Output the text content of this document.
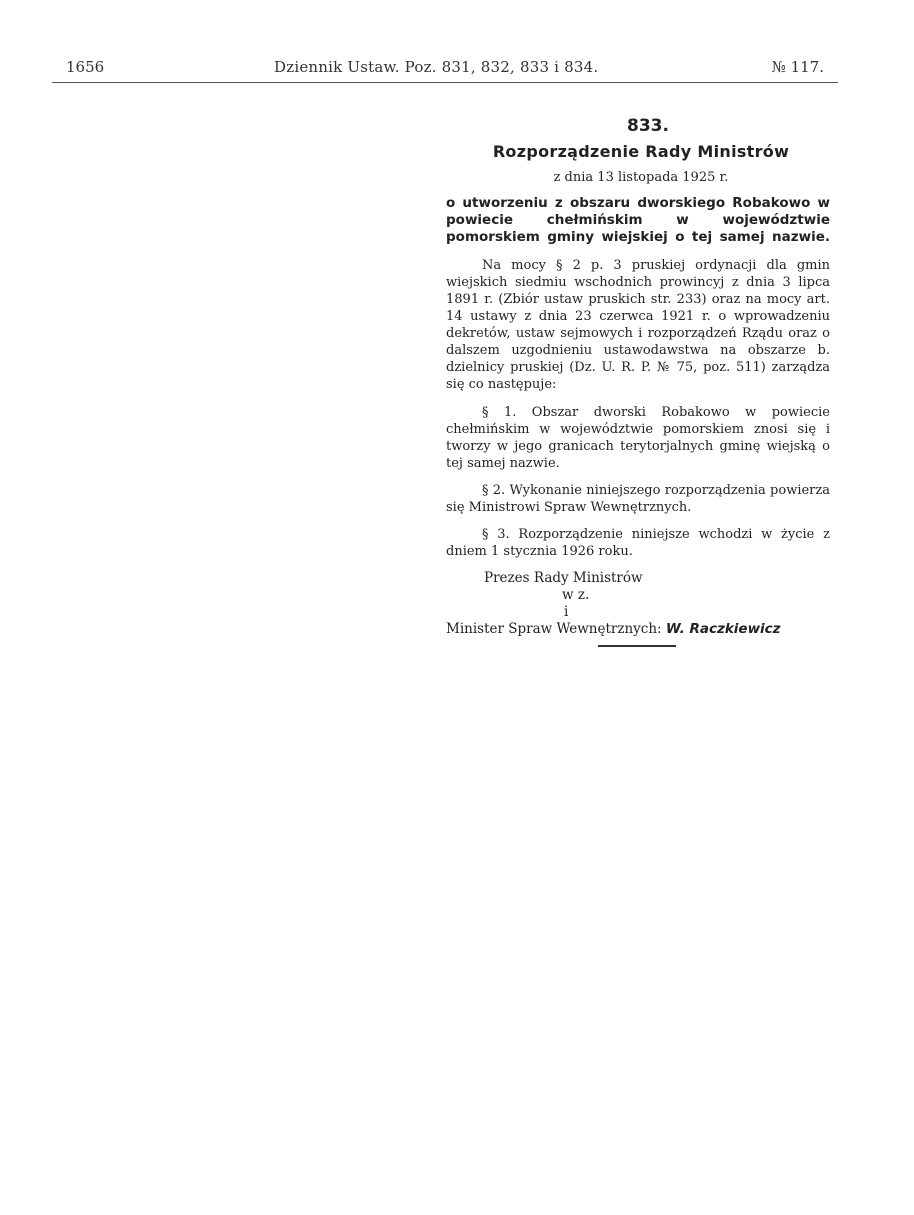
1656	Dziennik Ustaw. Poz. 831, 832, 833 i 834.	№ 117.
833.
Rozporządzenie Rady Ministrów
z dnia 13 listopada 1925 r.
o utworzeniu z obszaru dworskiego Robakowo w powiecie chełmińskim w województwie pomorskiem gminy wiejskiej o tej samej nazwie.
Na mocy § 2 p. 3 pruskiej ordynacji dla gmin wiejskich siedmiu wschodnich prowincyj z dnia 3 lipca 1891 r. (Zbiór ustaw pruskich str. 233) oraz na mocy art. 14 ustawy z dnia 23 czerwca 1921 r. o wprowadzeniu dekretów, ustaw sejmowych i rozporządzeń Rządu oraz o dalszem uzgodnieniu ustawodawstwa na obszarze b. dzielnicy pruskiej (Dz. U. R. P. № 75, poz. 511) zarządza się co następuje:
§ 1. Obszar dworski Robakowo w powiecie chełmińskim w województwie pomorskiem znosi się i tworzy w jego granicach terytorjalnych gminę wiejską o tej samej nazwie.
§ 2. Wykonanie niniejszego rozporządzenia powierza się Ministrowi Spraw Wewnętrznych.
§ 3. Rozporządzenie niniejsze wchodzi w życie z dniem 1 stycznia 1926 roku.
Prezes Rady Ministrów
w z.
i
Minister Spraw Wewnętrznych: W. Raczkiewicz
